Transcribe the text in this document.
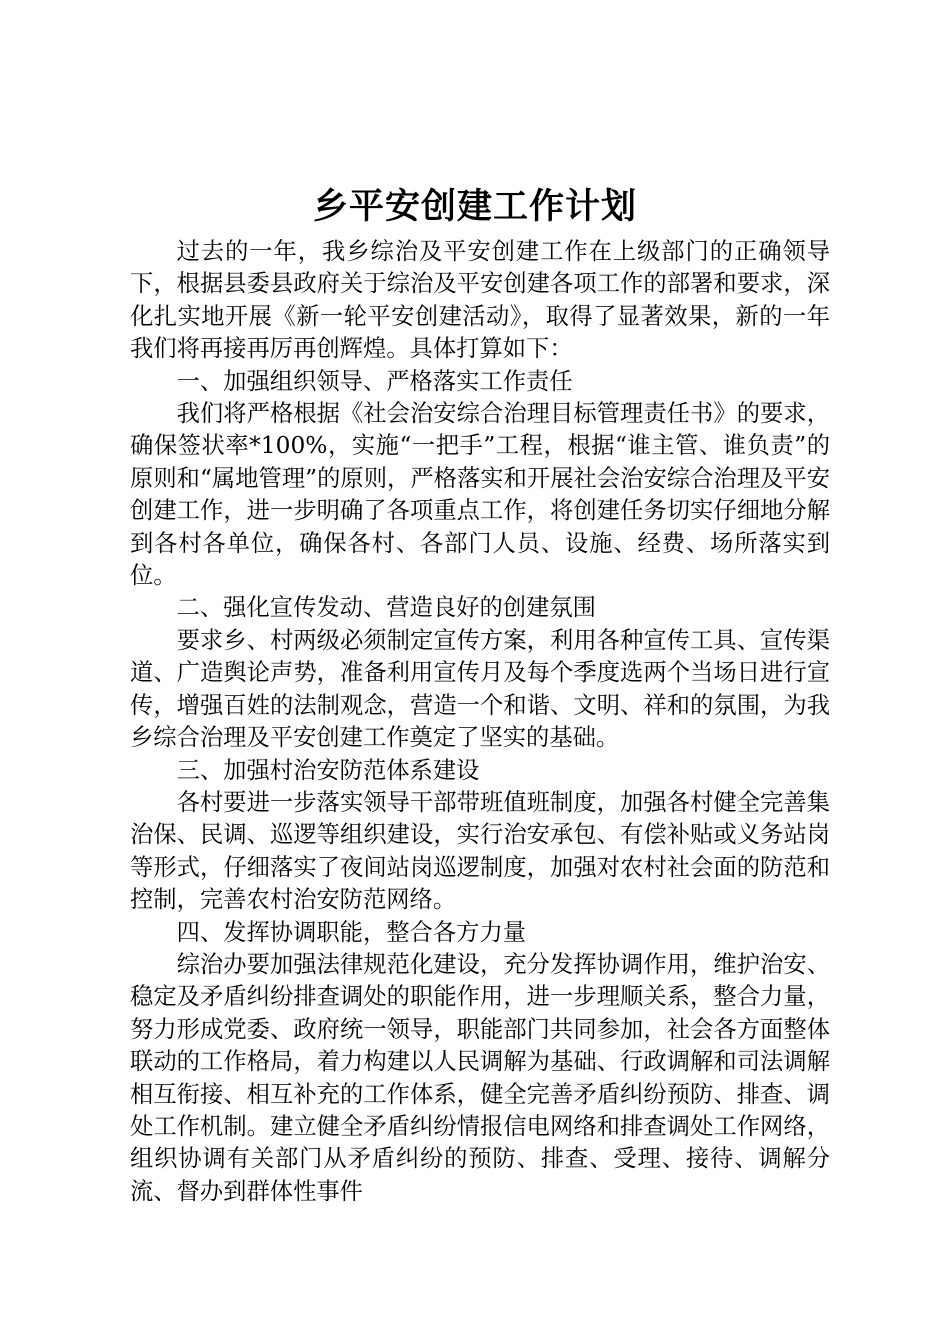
乡平安创建工作计划

过去的一年，我乡综治及平安创建工作在上级部门的正确领导下，根据县委县政府关于综治及平安创建各项工作的部署和要求，深化扎实地开展《新一轮平安创建活动》，取得了显著效果，新的一年我们将再接再厉再创辉煌。具体打算如下：

一、加强组织领导、严格落实工作责任

我们将严格根据《社会治安综合治理目标管理责任书》的要求，确保签状率*100%，实施“一把手”工程，根据“谁主管、谁负责”的原则和“属地管理”的原则，严格落实和开展社会治安综合治理及平安创建工作，进一步明确了各项重点工作，将创建任务切实仔细地分解到各村各单位，确保各村、各部门人员、设施、经费、场所落实到位。

二、强化宣传发动、营造良好的创建氛围

要求乡、村两级必须制定宣传方案，利用各种宣传工具、宣传渠道、广造舆论声势，准备利用宣传月及每个季度选两个当场日进行宣传，增强百姓的法制观念，营造一个和谐、文明、祥和的氛围，为我乡综合治理及平安创建工作奠定了坚实的基础。

三、加强村治安防范体系建设

各村要进一步落实领导干部带班值班制度，加强各村健全完善集治保、民调、巡逻等组织建设，实行治安承包、有偿补贴或义务站岗等形式，仔细落实了夜间站岗巡逻制度，加强对农村社会面的防范和控制，完善农村治安防范网络。

四、发挥协调职能，整合各方力量

综治办要加强法律规范化建设，充分发挥协调作用，维护治安、稳定及矛盾纠纷排查调处的职能作用，进一步理顺关系，整合力量，努力形成党委、政府统一领导，职能部门共同参加，社会各方面整体联动的工作格局，着力构建以人民调解为基础、行政调解和司法调解相互衔接、相互补充的工作体系，健全完善矛盾纠纷预防、排查、调处工作机制。建立健全矛盾纠纷情报信电网络和排查调处工作网络，组织协调有关部门从矛盾纠纷的预防、排查、受理、接待、调解分流、督办到群体性事件
